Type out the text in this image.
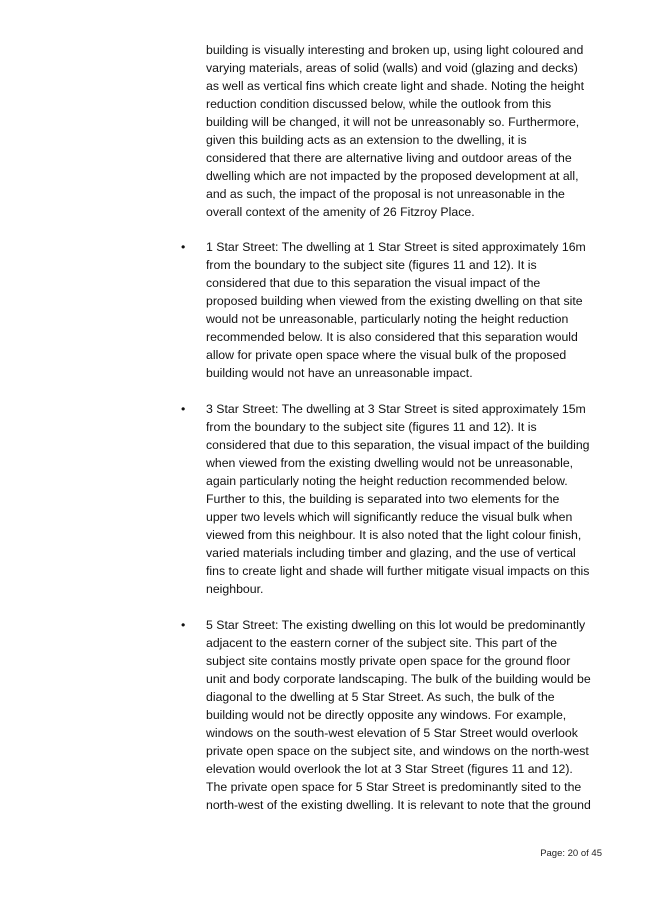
building is visually interesting and broken up, using light coloured and
varying materials, areas of solid (walls) and void (glazing and decks)
as well as vertical fins which create light and shade. Noting the height
reduction condition discussed below, while the outlook from this
building will be changed, it will not be unreasonably so. Furthermore,
given this building acts as an extension to the dwelling, it is
considered that there are alternative living and outdoor areas of the
dwelling which are not impacted by the proposed development at all,
and as such, the impact of the proposal is not unreasonable in the
overall context of the amenity of 26 Fitzroy Place.
• 1 Star Street: The dwelling at 1 Star Street is sited approximately 16m
from the boundary to the subject site (figures 11 and 12). It is
considered that due to this separation the visual impact of the
proposed building when viewed from the existing dwelling on that site
would not be unreasonable, particularly noting the height reduction
recommended below. It is also considered that this separation would
allow for private open space where the visual bulk of the proposed
building would not have an unreasonable impact.
• 3 Star Street: The dwelling at 3 Star Street is sited approximately 15m
from the boundary to the subject site (figures 11 and 12). It is
considered that due to this separation, the visual impact of the building
when viewed from the existing dwelling would not be unreasonable,
again particularly noting the height reduction recommended below.
Further to this, the building is separated into two elements for the
upper two levels which will significantly reduce the visual bulk when
viewed from this neighbour. It is also noted that the light colour finish,
varied materials including timber and glazing, and the use of vertical
fins to create light and shade will further mitigate visual impacts on this
neighbour.
• 5 Star Street: The existing dwelling on this lot would be predominantly
adjacent to the eastern corner of the subject site. This part of the
subject site contains mostly private open space for the ground floor
unit and body corporate landscaping. The bulk of the building would be
diagonal to the dwelling at 5 Star Street. As such, the bulk of the
building would not be directly opposite any windows. For example,
windows on the south-west elevation of 5 Star Street would overlook
private open space on the subject site, and windows on the north-west
elevation would overlook the lot at 3 Star Street (figures 11 and 12).
The private open space for 5 Star Street is predominantly sited to the
north-west of the existing dwelling. It is relevant to note that the ground
Page: 20 of 45
